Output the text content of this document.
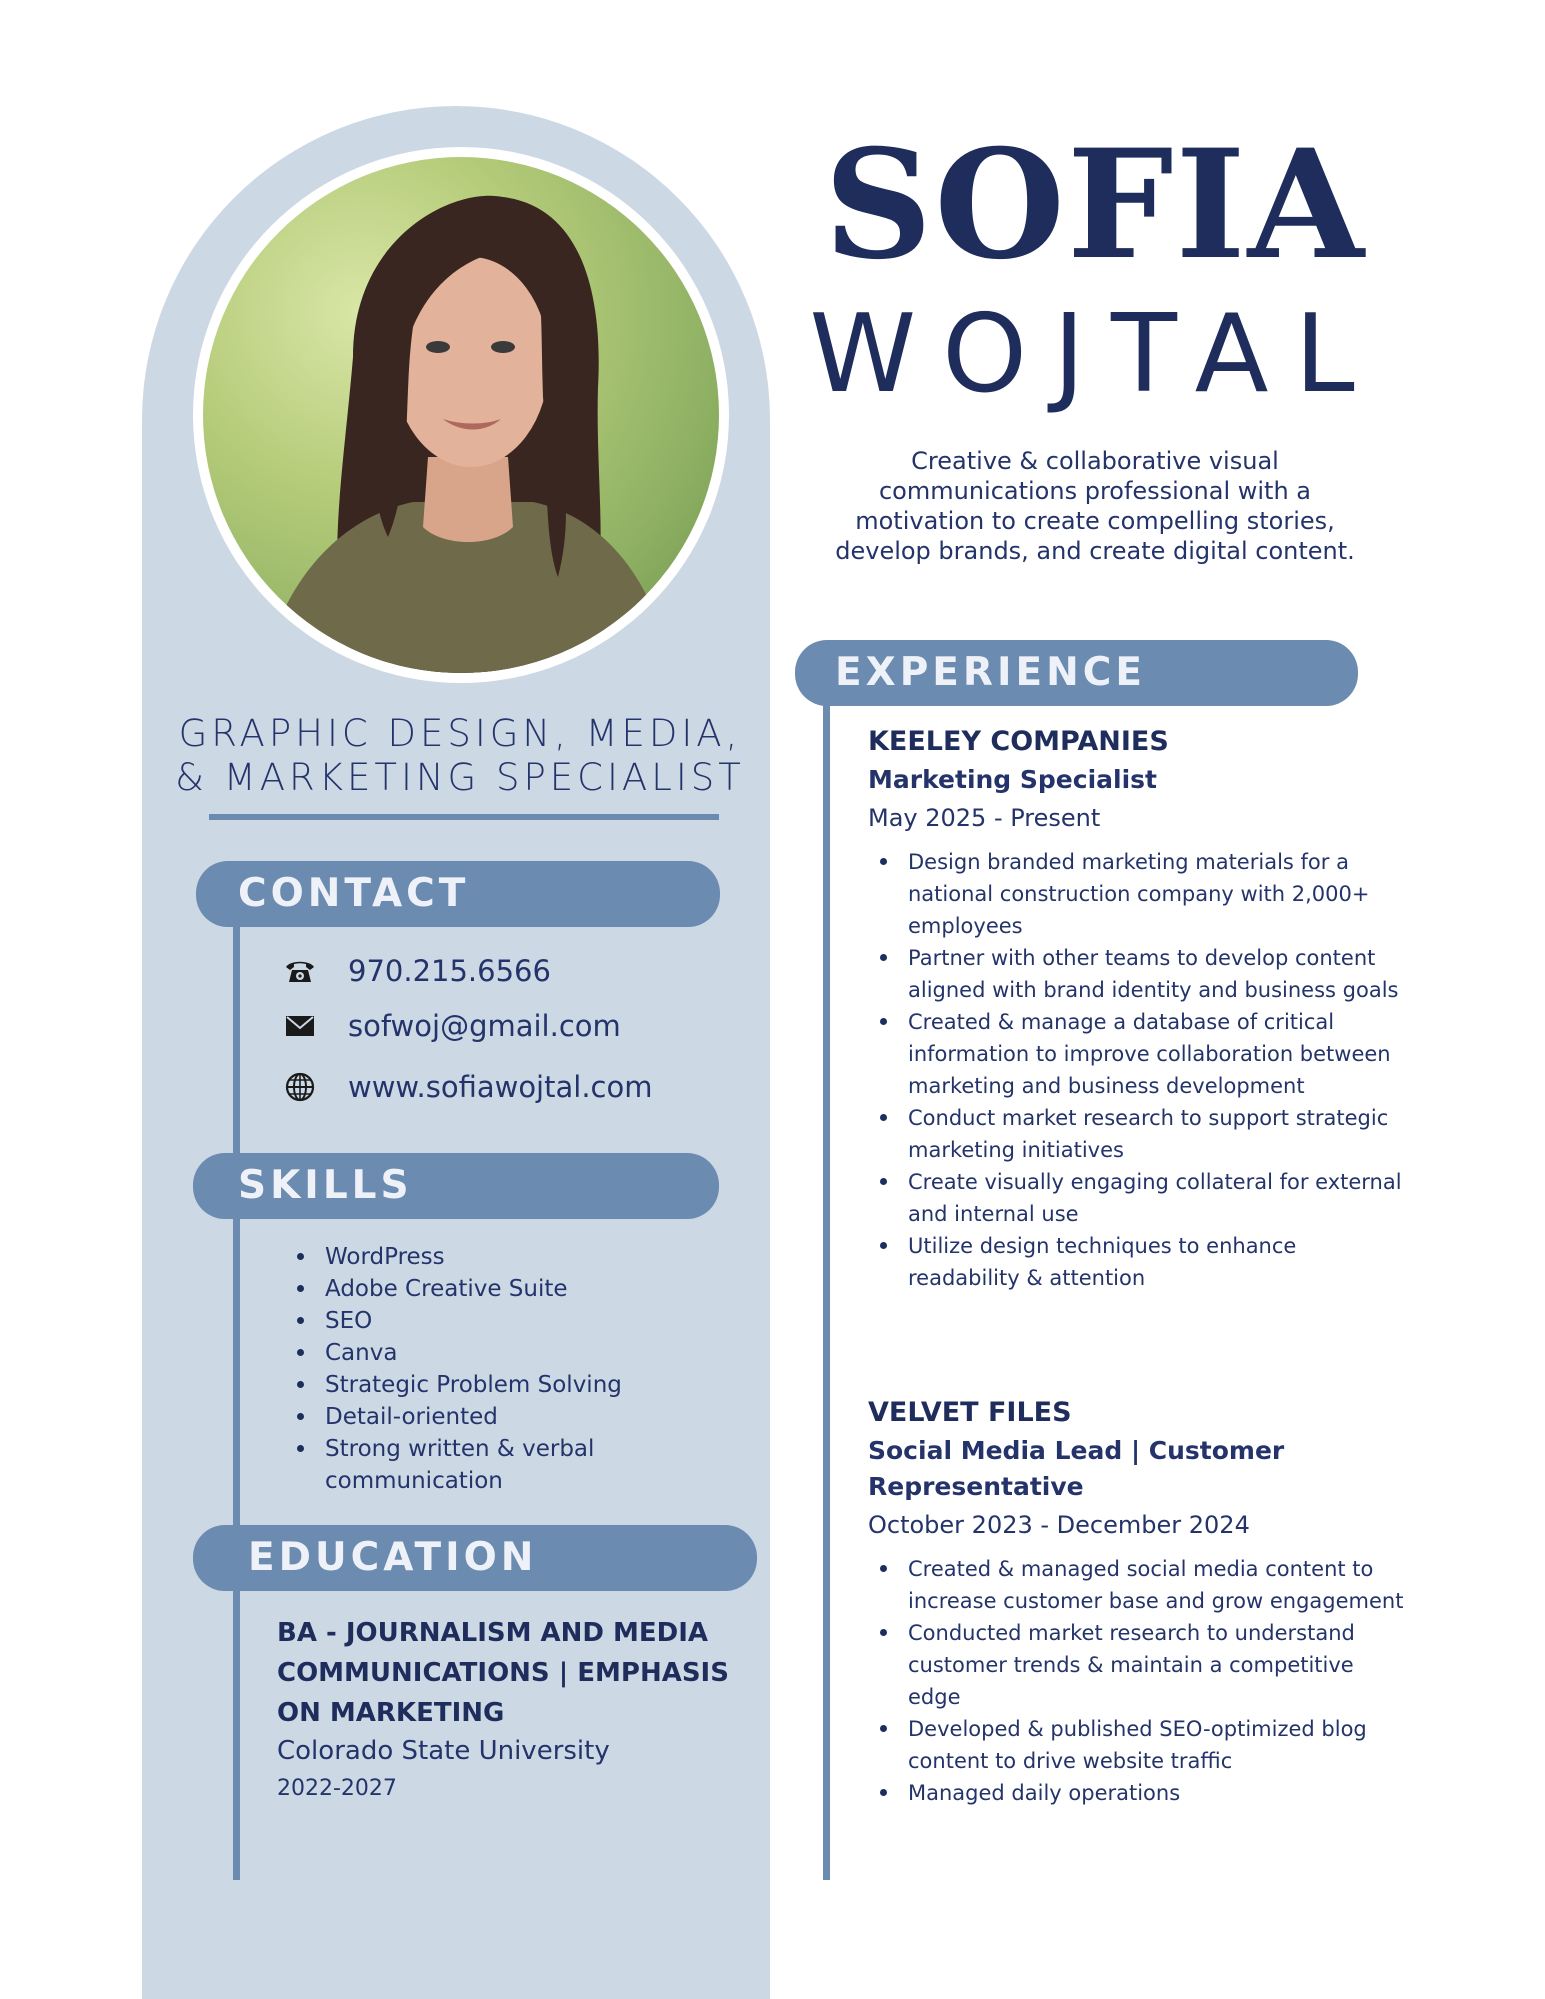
GRAPHIC DESIGN, MEDIA, & MARKETING SPECIALIST
CONTACT
970.215.6566
sofwoj@gmail.com
www.sofiawojtal.com
SKILLS
WordPress
Adobe Creative Suite
SEO
Canva
Strategic Problem Solving
Detail-oriented
Strong written & verbal communication
EDUCATION
BA - JOURNALISM AND MEDIA COMMUNICATIONS | EMPHASIS ON MARKETING
Colorado State University
2022-2027
SOFIA
WOJTAL
Creative & collaborative visual communications professional with a motivation to create compelling stories, develop brands, and create digital content.
EXPERIENCE
KEELEY COMPANIES
Marketing Specialist
May 2025 - Present
Design branded marketing materials for a national construction company with 2,000+ employees
Partner with other teams to develop content aligned with brand identity and business goals
Created & manage a database of critical information to improve collaboration between marketing and business development
Conduct market research to support strategic marketing initiatives
Create visually engaging collateral for external and internal use
Utilize design techniques to enhance readability & attention
VELVET FILES
Social Media Lead | Customer Representative
October 2023 - December 2024
Created & managed social media content to increase customer base and grow engagement
Conducted market research to understand customer trends & maintain a competitive edge
Developed & published SEO-optimized blog content to drive website traffic
Managed daily operations
